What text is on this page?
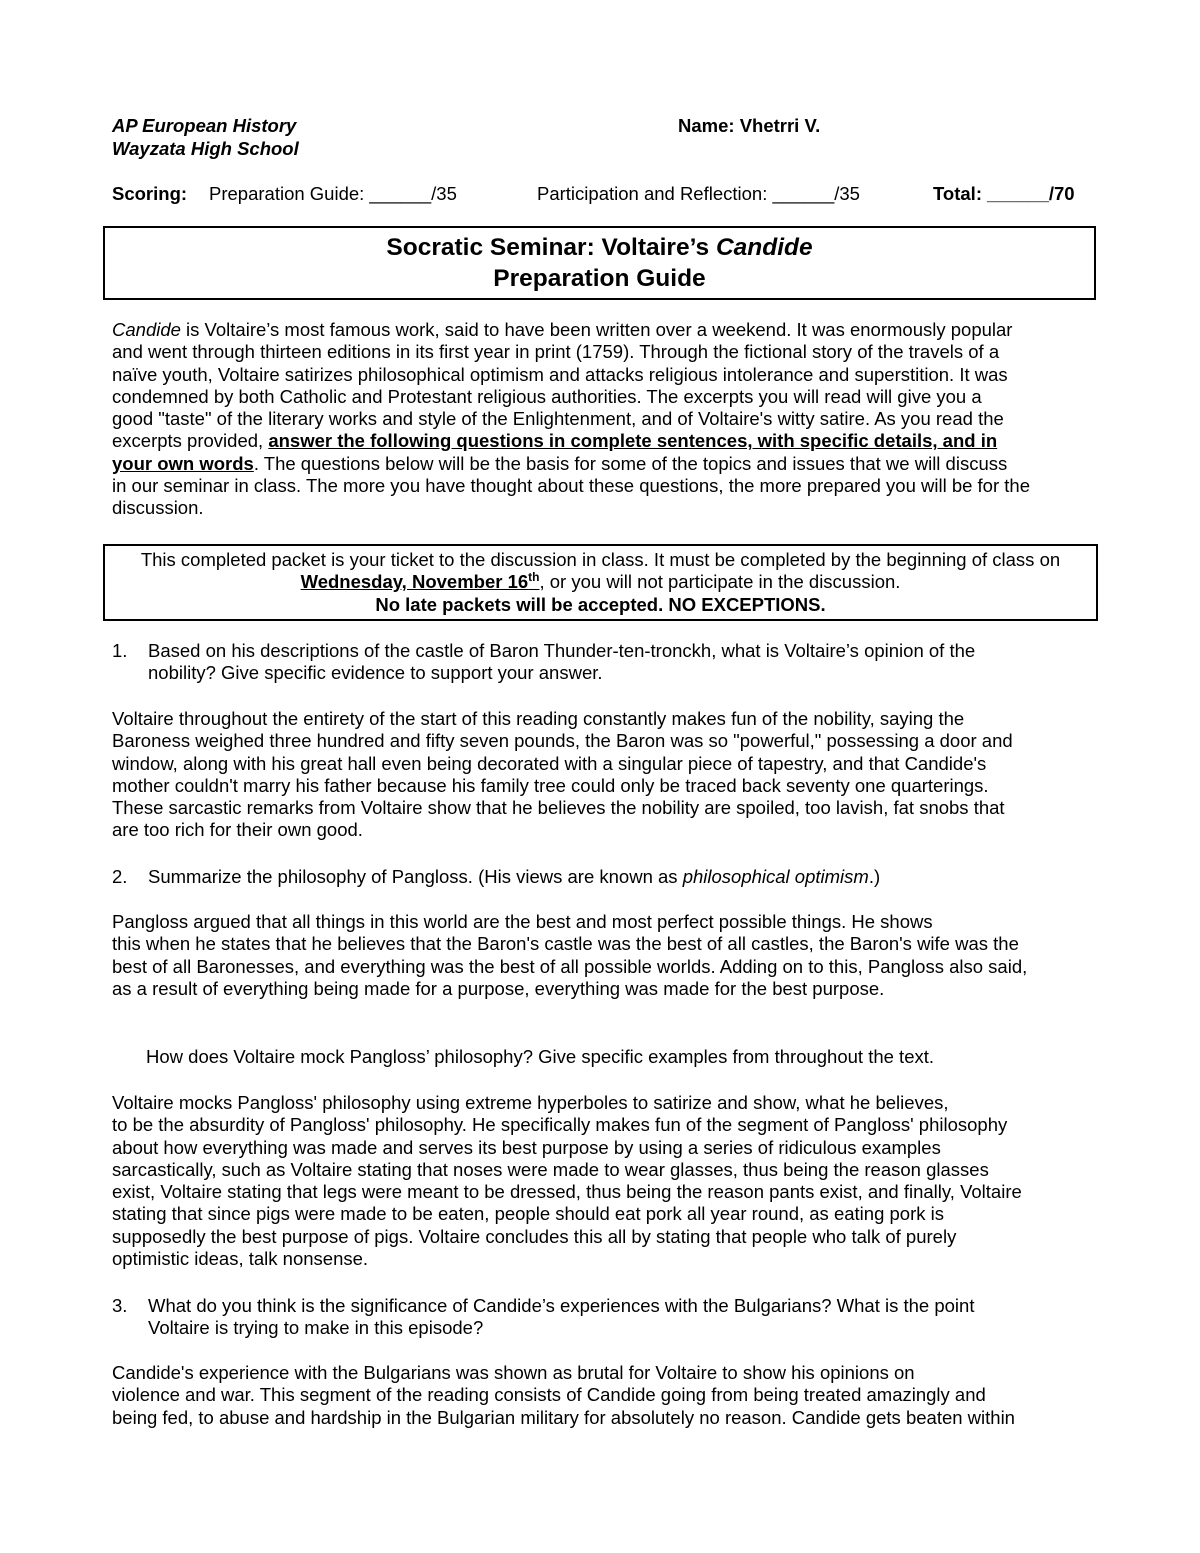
AP European History
Wayzata High School
Name: Vhetrri V.
Scoring: Preparation Guide: ______/35	Participation and Reflection: ______/35	Total: ______/70
Socratic Seminar: Voltaire’s Candide
Preparation Guide
Candide is Voltaire’s most famous work, said to have been written over a weekend. It was enormously popular
and went through thirteen editions in its first year in print (1759). Through the fictional story of the travels of a
naïve youth, Voltaire satirizes philosophical optimism and attacks religious intolerance and superstition. It was
condemned by both Catholic and Protestant religious authorities. The excerpts you will read will give you a
good "taste" of the literary works and style of the Enlightenment, and of Voltaire's witty satire. As you read the
excerpts provided, answer the following questions in complete sentences, with specific details, and in
your own words. The questions below will be the basis for some of the topics and issues that we will discuss
in our seminar in class. The more you have thought about these questions, the more prepared you will be for the
discussion.
This completed packet is your ticket to the discussion in class. It must be completed by the beginning of class on
Wednesday, November 16th, or you will not participate in the discussion.
No late packets will be accepted. NO EXCEPTIONS.
1.	Based on his descriptions of the castle of Baron Thunder-ten-tronckh, what is Voltaire’s opinion of the
nobility? Give specific evidence to support your answer.
Voltaire throughout the entirety of the start of this reading constantly makes fun of the nobility, saying the
Baroness weighed three hundred and fifty seven pounds, the Baron was so "powerful," possessing a door and
window, along with his great hall even being decorated with a singular piece of tapestry, and that Candide's
mother couldn't marry his father because his family tree could only be traced back seventy one quarterings.
These sarcastic remarks from Voltaire show that he believes the nobility are spoiled, too lavish, fat snobs that
are too rich for their own good.
2.	Summarize the philosophy of Pangloss. (His views are known as philosophical optimism.)
Pangloss argued that all things in this world are the best and most perfect possible things. He shows
this when he states that he believes that the Baron's castle was the best of all castles, the Baron's wife was the
best of all Baronesses, and everything was the best of all possible worlds. Adding on to this, Pangloss also said,
as a result of everything being made for a purpose, everything was made for the best purpose.
How does Voltaire mock Pangloss’ philosophy? Give specific examples from throughout the text.
Voltaire mocks Pangloss' philosophy using extreme hyperboles to satirize and show, what he believes,
to be the absurdity of Pangloss' philosophy. He specifically makes fun of the segment of Pangloss' philosophy
about how everything was made and serves its best purpose by using a series of ridiculous examples
sarcastically, such as Voltaire stating that noses were made to wear glasses, thus being the reason glasses
exist, Voltaire stating that legs were meant to be dressed, thus being the reason pants exist, and finally, Voltaire
stating that since pigs were made to be eaten, people should eat pork all year round, as eating pork is
supposedly the best purpose of pigs. Voltaire concludes this all by stating that people who talk of purely
optimistic ideas, talk nonsense.
3.	What do you think is the significance of Candide’s experiences with the Bulgarians? What is the point
Voltaire is trying to make in this episode?
Candide's experience with the Bulgarians was shown as brutal for Voltaire to show his opinions on
violence and war. This segment of the reading consists of Candide going from being treated amazingly and
being fed, to abuse and hardship in the Bulgarian military for absolutely no reason. Candide gets beaten within
